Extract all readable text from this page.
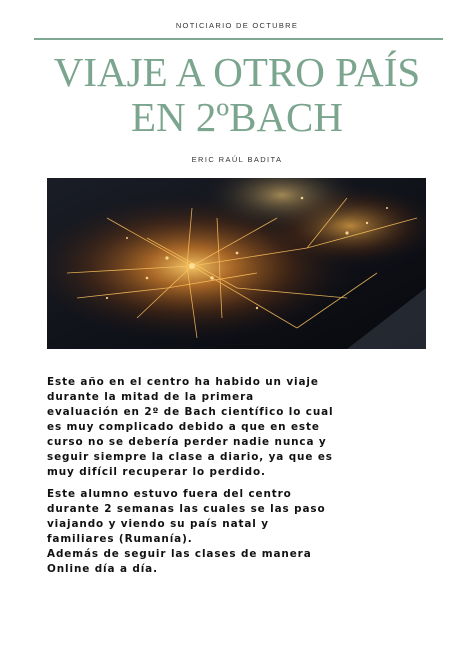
NOTICIARIO DE OCTUBRE
VIAJE A OTRO PAÍS
EN 2ºBACH
ERIC RAÚL BADITA
Este año en el centro ha habido un viaje
durante la mitad de la primera
evaluación en 2º de Bach científico lo cual
es muy complicado debido a que en este
curso no se debería perder nadie nunca y
seguir siempre la clase a diario, ya que es
muy difícil recuperar lo perdido.
Este alumno estuvo fuera del centro
durante 2 semanas las cuales se las paso
viajando y viendo su país natal y
familiares (Rumanía).
Además de seguir las clases de manera
Online día a día.
